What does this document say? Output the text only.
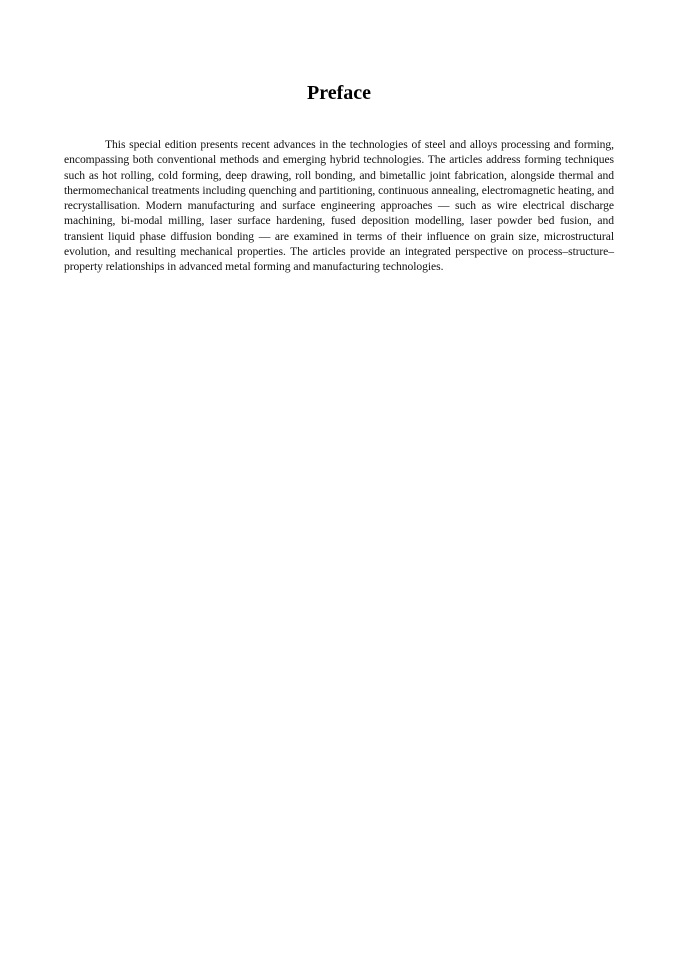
Preface

This special edition presents recent advances in the technologies of steel and alloys processing and forming, encompassing both conventional methods and emerging hybrid technologies. The articles address forming techniques such as hot rolling, cold forming, deep drawing, roll bonding, and bimetallic joint fabrication, alongside thermal and thermomechanical treatments including quenching and partitioning, continuous annealing, electromagnetic heating, and recrystallisation. Modern manufacturing and surface engineering approaches — such as wire electrical discharge machining, bi-modal milling, laser surface hardening, fused deposition modelling, laser powder bed fusion, and transient liquid phase diffusion bonding — are examined in terms of their influence on grain size, microstructural evolution, and resulting mechanical properties. The articles provide an integrated perspective on process–structure–property relationships in advanced metal forming and manufacturing technologies.
